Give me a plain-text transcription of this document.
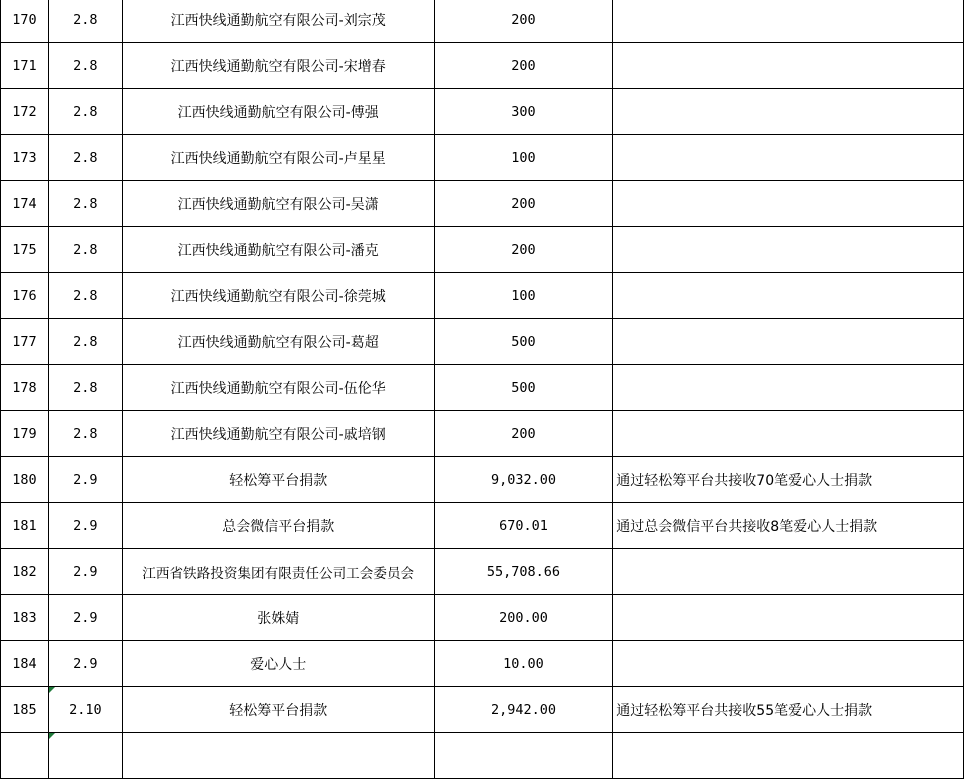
170	2.8	江西快线通勤航空有限公司-刘宗茂	200	
171	2.8	江西快线通勤航空有限公司-宋增春	200	
172	2.8	江西快线通勤航空有限公司-傅强	300	
173	2.8	江西快线通勤航空有限公司-卢星星	100	
174	2.8	江西快线通勤航空有限公司-吴潇	200	
175	2.8	江西快线通勤航空有限公司-潘克	200	
176	2.8	江西快线通勤航空有限公司-徐莞城	100	
177	2.8	江西快线通勤航空有限公司-葛超	500	
178	2.8	江西快线通勤航空有限公司-伍伦华	500	
179	2.8	江西快线通勤航空有限公司-戚培钢	200	
180	2.9	轻松筹平台捐款	9,032.00	通过轻松筹平台共接收70笔爱心人士捐款
181	2.9	总会微信平台捐款	670.01	通过总会微信平台共接收8笔爱心人士捐款
182	2.9	江西省铁路投资集团有限责任公司工会委员会	55,708.66	
183	2.9	张姝婧	200.00	
184	2.9	爱心人士	10.00	
185	2.10	轻松筹平台捐款	2,942.00	通过轻松筹平台共接收55笔爱心人士捐款
